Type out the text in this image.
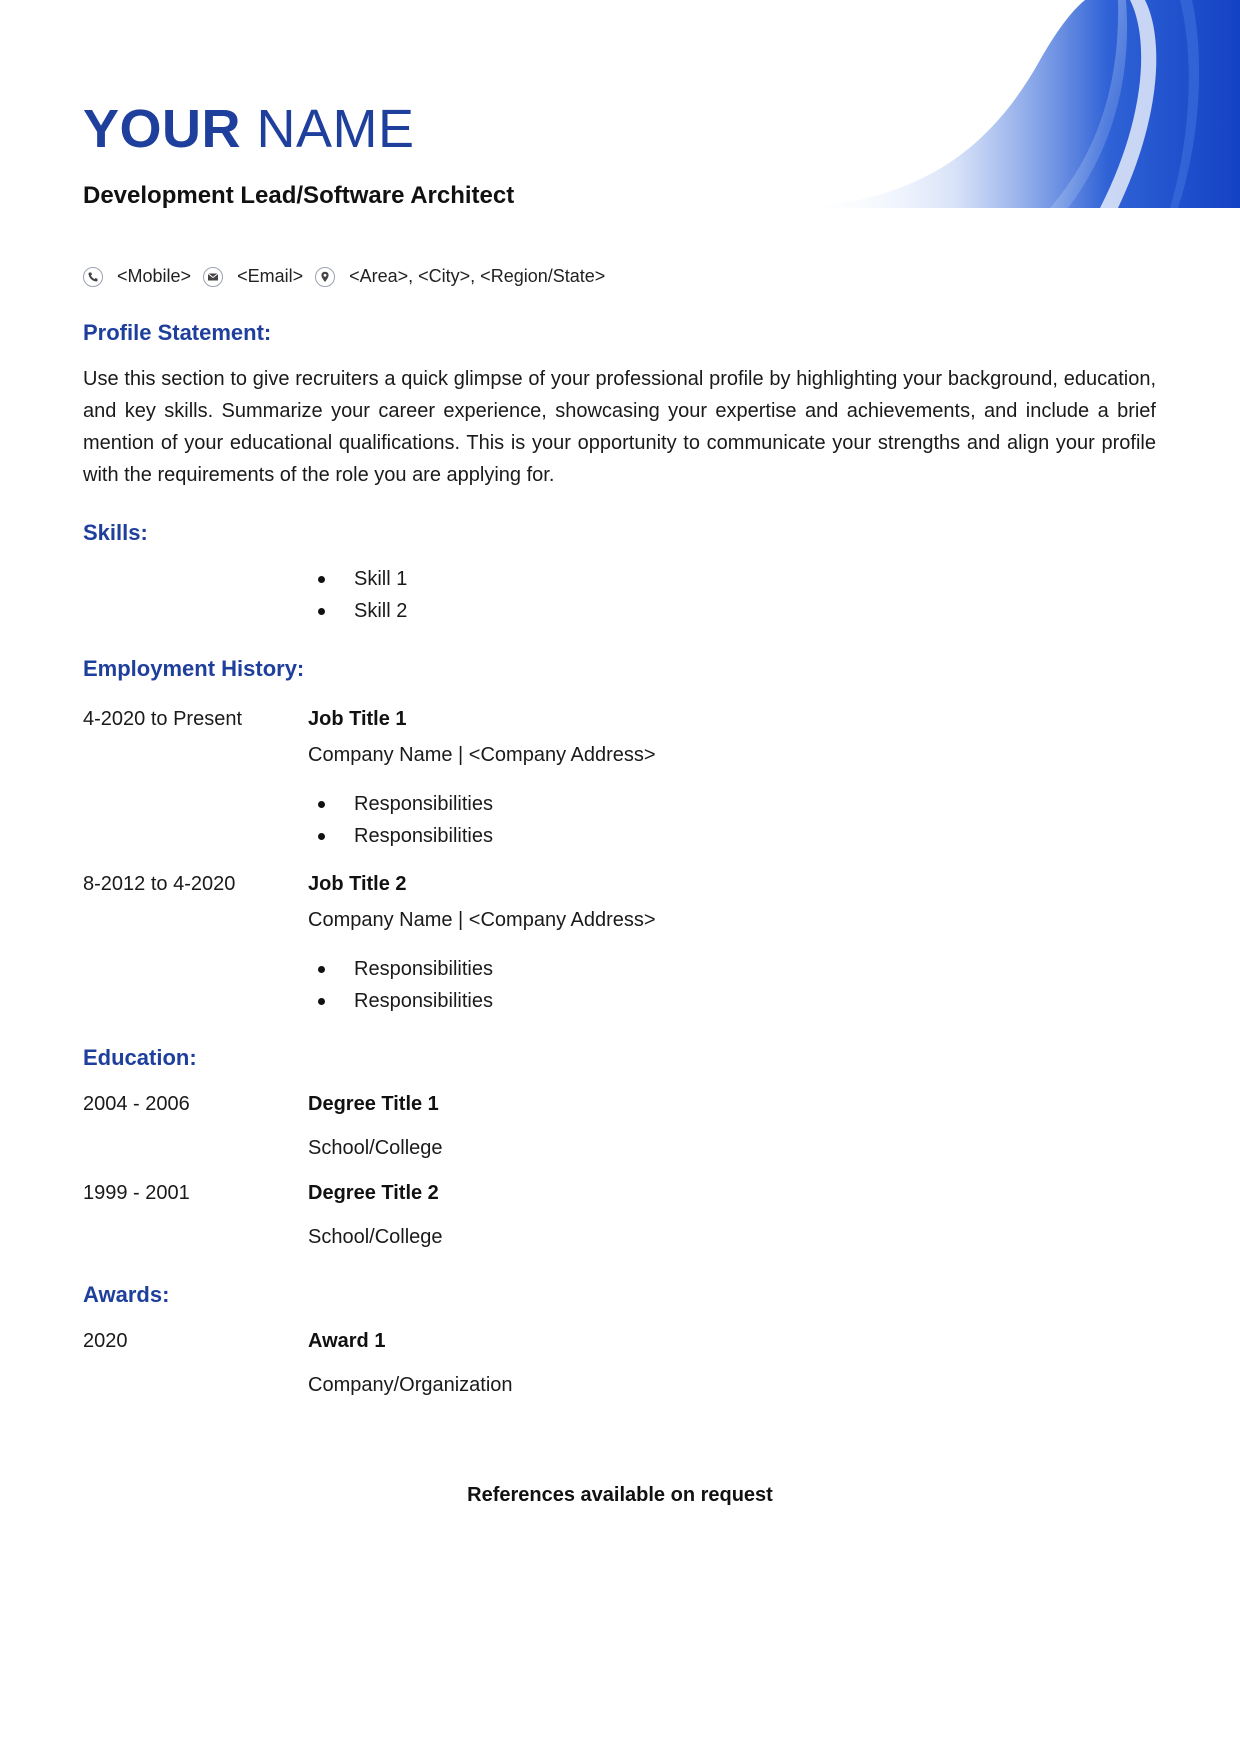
YOUR NAME
Development Lead/Software Architect
<Mobile>	<Email>	<Area>, <City>, <Region/State>
Profile Statement:

Use this section to give recruiters a quick glimpse of your professional profile by highlighting your background, education, and key skills. Summarize your career experience, showcasing your expertise and achievements, and include a brief mention of your educational qualifications. This is your opportunity to communicate your strengths and align your profile with the requirements of the role you are applying for.

Skills:
Skill 1
Skill 2
Employment History:
4-2020 to Present	Job Title 1
Company Name | <Company Address>
Responsibilities
Responsibilities
8-2012 to 4-2020	Job Title 2
Company Name | <Company Address>
Responsibilities
Responsibilities
Education:
2004 - 2006	Degree Title 1
School/College
1999 - 2001	Degree Title 2
School/College
Awards:
2020	Award 1
Company/Organization
References available on request
